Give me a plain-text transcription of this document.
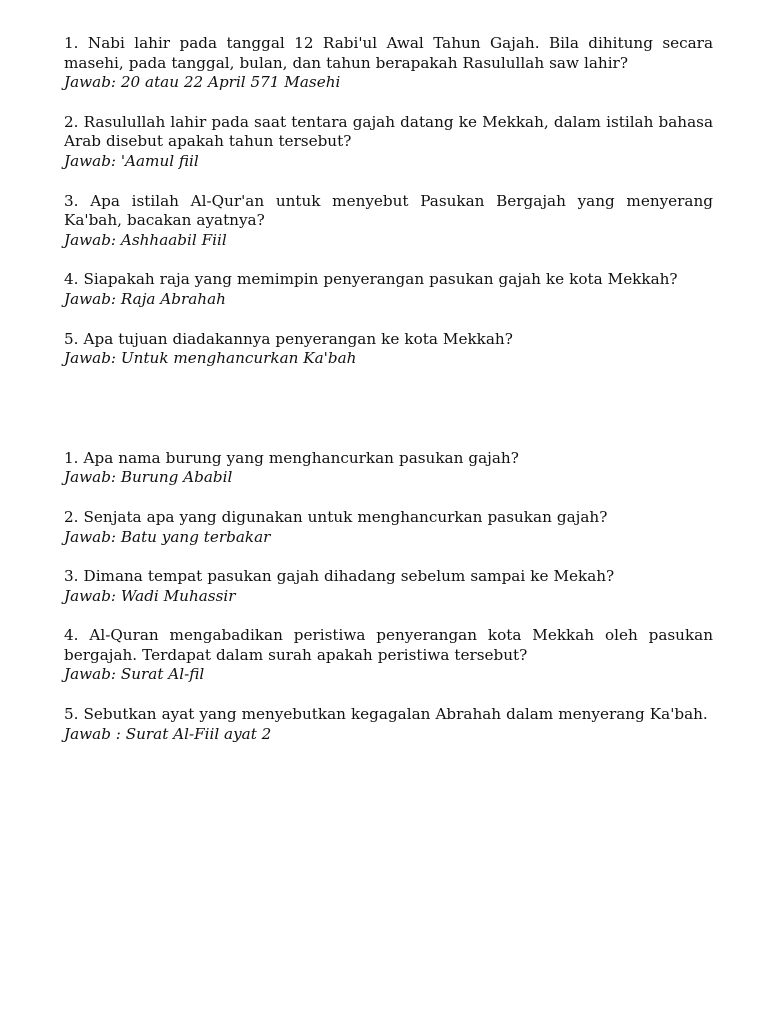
1. Nabi lahir pada tanggal 12 Rabi'ul Awal Tahun Gajah. Bila dihitung secara masehi, pada tanggal, bulan, dan tahun berapakah Rasulullah saw lahir?

Jawab: 20 atau 22 April 571 Masehi

2. Rasulullah lahir pada saat tentara gajah datang ke Mekkah, dalam istilah bahasa Arab disebut apakah tahun tersebut?

Jawab: 'Aamul fiil

3. Apa istilah Al-Qur'an untuk menyebut Pasukan Bergajah yang menyerang Ka'bah, bacakan ayatnya?

Jawab: Ashhaabil Fiil

4. Siapakah raja yang memimpin penyerangan pasukan gajah ke kota Mekkah?

Jawab: Raja Abrahah

5. Apa tujuan diadakannya penyerangan ke kota Mekkah?

Jawab: Untuk menghancurkan Ka'bah

1. Apa nama burung yang menghancurkan pasukan gajah?

Jawab: Burung Ababil

2. Senjata apa yang digunakan untuk menghancurkan pasukan gajah?

Jawab: Batu yang terbakar

3. Dimana tempat pasukan gajah dihadang sebelum sampai ke Mekah?

Jawab: Wadi Muhassir

4. Al-Quran mengabadikan peristiwa penyerangan kota Mekkah oleh pasukan bergajah. Terdapat dalam surah apakah peristiwa tersebut?

Jawab: Surat Al-fil

5. Sebutkan ayat yang menyebutkan kegagalan Abrahah dalam menyerang Ka'bah.

Jawab : Surat Al-Fiil ayat 2
